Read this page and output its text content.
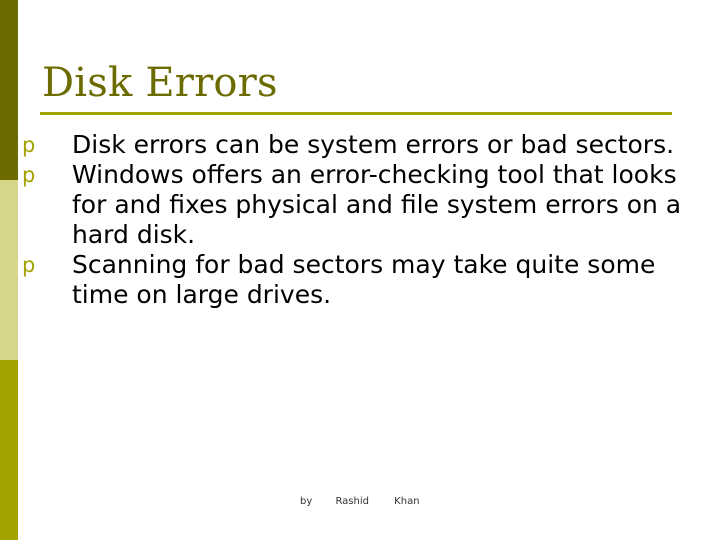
Disk Errors
p Disk errors can be system errors or bad sectors.
p Windows offers an error-checking tool that looks for and fixes physical and file system errors on a hard disk.
p Scanning for bad sectors may take quite some time on large drives.
by Rashid	Khan
